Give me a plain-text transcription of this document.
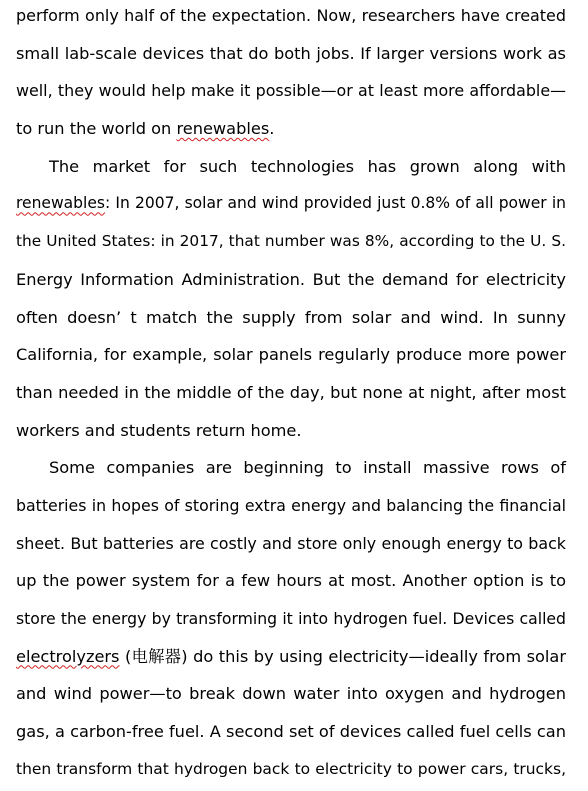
perform only half of the expectation. Now, researchers have created
small lab-scale devices that do both jobs. If larger versions work as
well, they would help make it possible—or at least more affordable—
to run the world on renewables.
The market for such technologies has grown along with
renewables: In 2007, solar and wind provided just 0.8% of all power in
the United States: in 2017, that number was 8%, according to the U. S.
Energy Information Administration. But the demand for electricity
often doesn’ t match the supply from solar and wind. In sunny
California, for example, solar panels regularly produce more power
than needed in the middle of the day, but none at night, after most
workers and students return home.
Some companies are beginning to install massive rows of
batteries in hopes of storing extra energy and balancing the financial
sheet. But batteries are costly and store only enough energy to back
up the power system for a few hours at most. Another option is to
store the energy by transforming it into hydrogen fuel. Devices called
electrolyzers (电解器) do this by using electricity—ideally from solar
and wind power—to break down water into oxygen and hydrogen
gas, a carbon-free fuel. A second set of devices called fuel cells can
then transform that hydrogen back to electricity to power cars, trucks,
